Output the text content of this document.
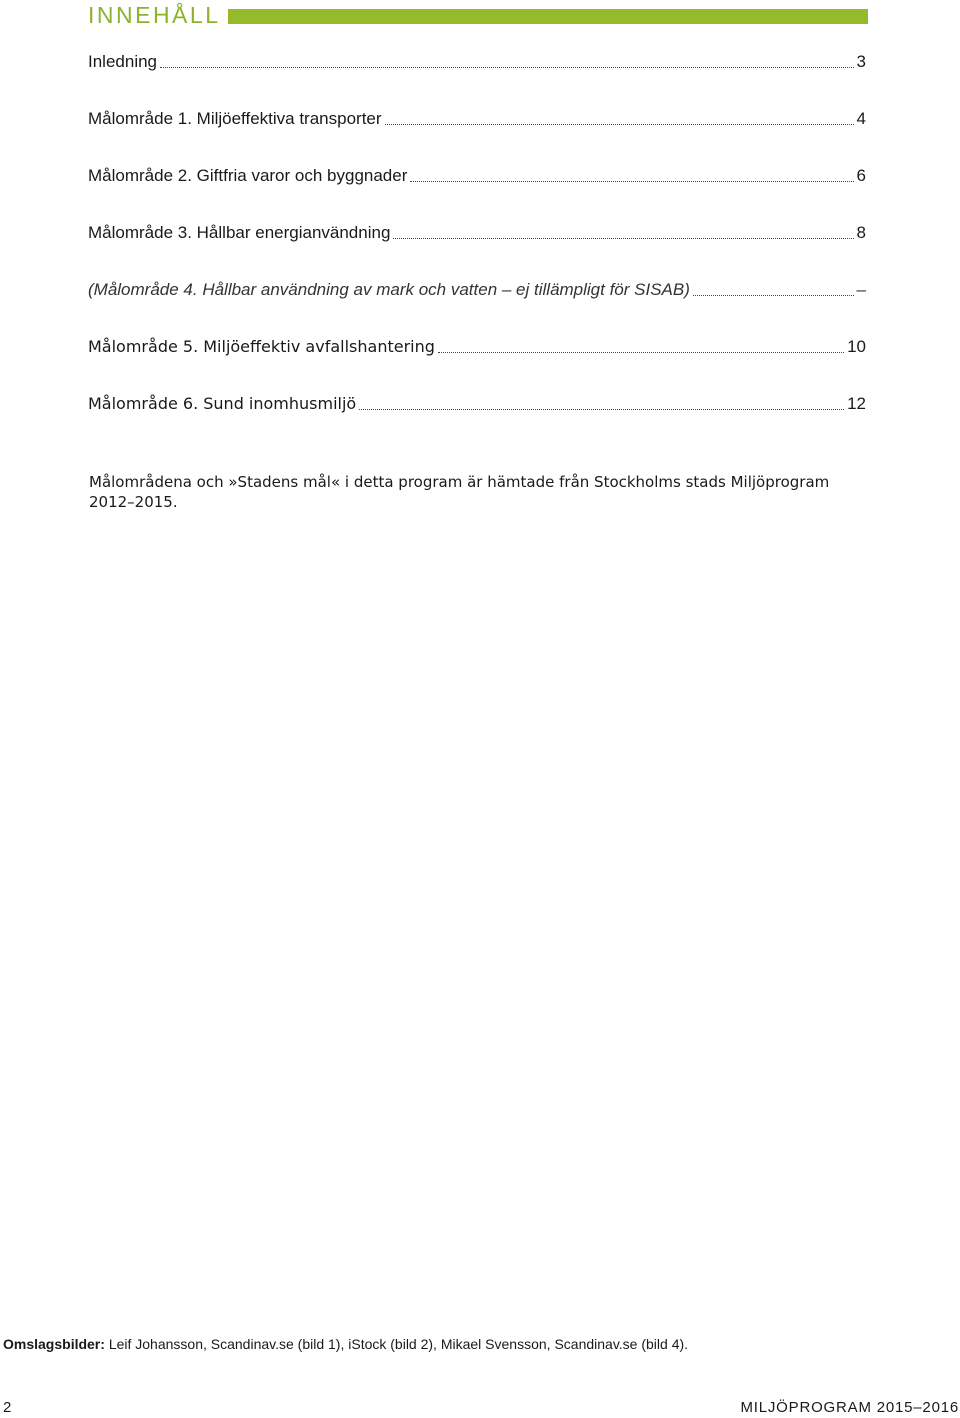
INNEHÅLL
Inledning	3
Målområde 1. Miljöeffektiva transporter	4
Målområde 2. Giftfria varor och byggnader	6
Målområde 3. Hållbar energianvändning	8
(Målområde 4. Hållbar användning av mark och vatten – ej tillämpligt för SISAB)	–
Målområde 5. Miljöeffektiv avfallshantering	10
Målområde 6. Sund inomhusmiljö	12

Målområdena och »Stadens mål« i detta program är hämtade från Stockholms stads Miljöprogram 2012–2015.

Omslagsbilder: Leif Johansson, Scandinav.se (bild 1), iStock (bild 2), Mikael Svensson, Scandinav.se (bild 4).
2	MILJÖPROGRAM 2015–2016
